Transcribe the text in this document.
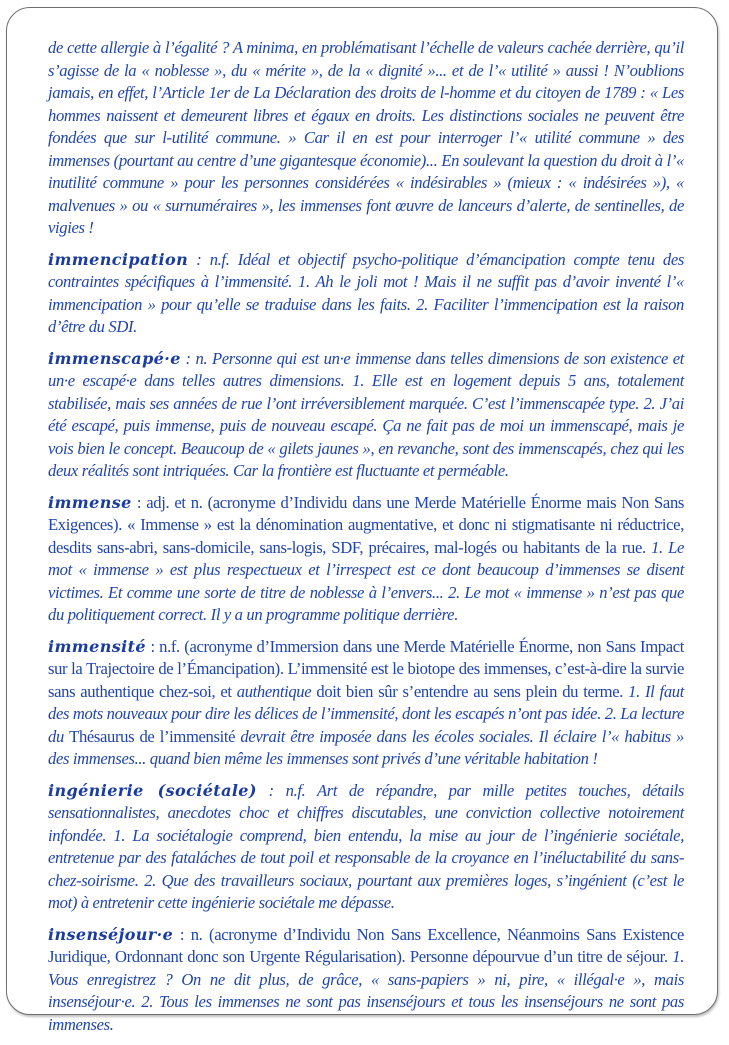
de cette allergie à l’égalité ? A minima, en problématisant l’échelle de valeurs cachée derrière, qu’il s’agisse de la « noblesse », du « mérite », de la « dignité »... et de l’« utilité » aussi ! N’oublions jamais, en effet, l’Article 1er de La Déclaration des droits de l-homme et du citoyen de 1789 : « Les hommes naissent et demeurent libres et égaux en droits. Les distinctions sociales ne peuvent être fondées que sur l-utilité commune. » Car il en est pour interroger l’« utilité commune » des immenses (pourtant au centre d’une gigantesque économie)... En soulevant la question du droit à l’« inutilité commune » pour les personnes considérées « indésirables » (mieux : « indésirées »), « malvenues » ou « surnuméraires », les immenses font œuvre de lanceurs d’alerte, de sentinelles, de vigies !

immencipation : n.f. Idéal et objectif psycho-politique d’émancipation compte tenu des contraintes spécifiques à l’immensité. 1. Ah le joli mot ! Mais il ne suffit pas d’avoir inventé l’« immencipation » pour qu’elle se traduise dans les faits. 2. Faciliter l’immencipation est la raison d’être du SDI.

immenscapé·e : n. Personne qui est un·e immense dans telles dimensions de son existence et un·e escapé·e dans telles autres dimensions. 1. Elle est en logement depuis 5 ans, totalement stabilisée, mais ses années de rue l’ont irréversiblement marquée. C’est l’immenscapée type. 2. J’ai été escapé, puis immense, puis de nouveau escapé. Ça ne fait pas de moi un immenscapé, mais je vois bien le concept. Beaucoup de « gilets jaunes », en revanche, sont des immenscapés, chez qui les deux réalités sont intriquées. Car la frontière est fluctuante et perméable.

immense : adj. et n. (acronyme d’Individu dans une Merde Matérielle Énorme mais Non Sans Exigences). « Immense » est la dénomination augmentative, et donc ni stigmatisante ni réductrice, desdits sans-abri, sans-domicile, sans-logis, SDF, précaires, mal-logés ou habitants de la rue. 1. Le mot « immense » est plus respectueux et l’irrespect est ce dont beaucoup d’immenses se disent victimes. Et comme une sorte de titre de noblesse à l’envers... 2. Le mot « immense » n’est pas que du politiquement correct. Il y a un programme politique derrière.

immensité : n.f. (acronyme d’Immersion dans une Merde Matérielle Énorme, non Sans Impact sur la Trajectoire de l’Émancipation). L’immensité est le biotope des immenses, c’est-à-dire la survie sans authentique chez-soi, et authentique doit bien sûr s’entendre au sens plein du terme. 1. Il faut des mots nouveaux pour dire les délices de l’immensité, dont les escapés n’ont pas idée. 2. La lecture du Thésaurus de l’immensité devrait être imposée dans les écoles sociales. Il éclaire l’« habitus » des immenses... quand bien même les immenses sont privés d’une véritable habitation !

ingénierie (sociétale) : n.f. Art de répandre, par mille petites touches, détails sensationnalistes, anecdotes choc et chiffres discutables, une conviction collective notoirement infondée. 1. La sociétalogie comprend, bien entendu, la mise au jour de l’ingénierie sociétale, entretenue par des fataláches de tout poil et responsable de la croyance en l’inéluctabilité du sans-chez-soirisme. 2. Que des travailleurs sociaux, pourtant aux premières loges, s’ingénient (c’est le mot) à entretenir cette ingénierie sociétale me dépasse.

insenséjour·e : n. (acronyme d’Individu Non Sans Excellence, Néanmoins Sans Existence Juridique, Ordonnant donc son Urgente Régularisation). Personne dépourvue d’un titre de séjour. 1. Vous enregistrez ? On ne dit plus, de grâce, « sans-papiers » ni, pire, « illégal·e », mais insenséjour·e. 2. Tous les immenses ne sont pas insenséjours et tous les insenséjours ne sont pas immenses.
